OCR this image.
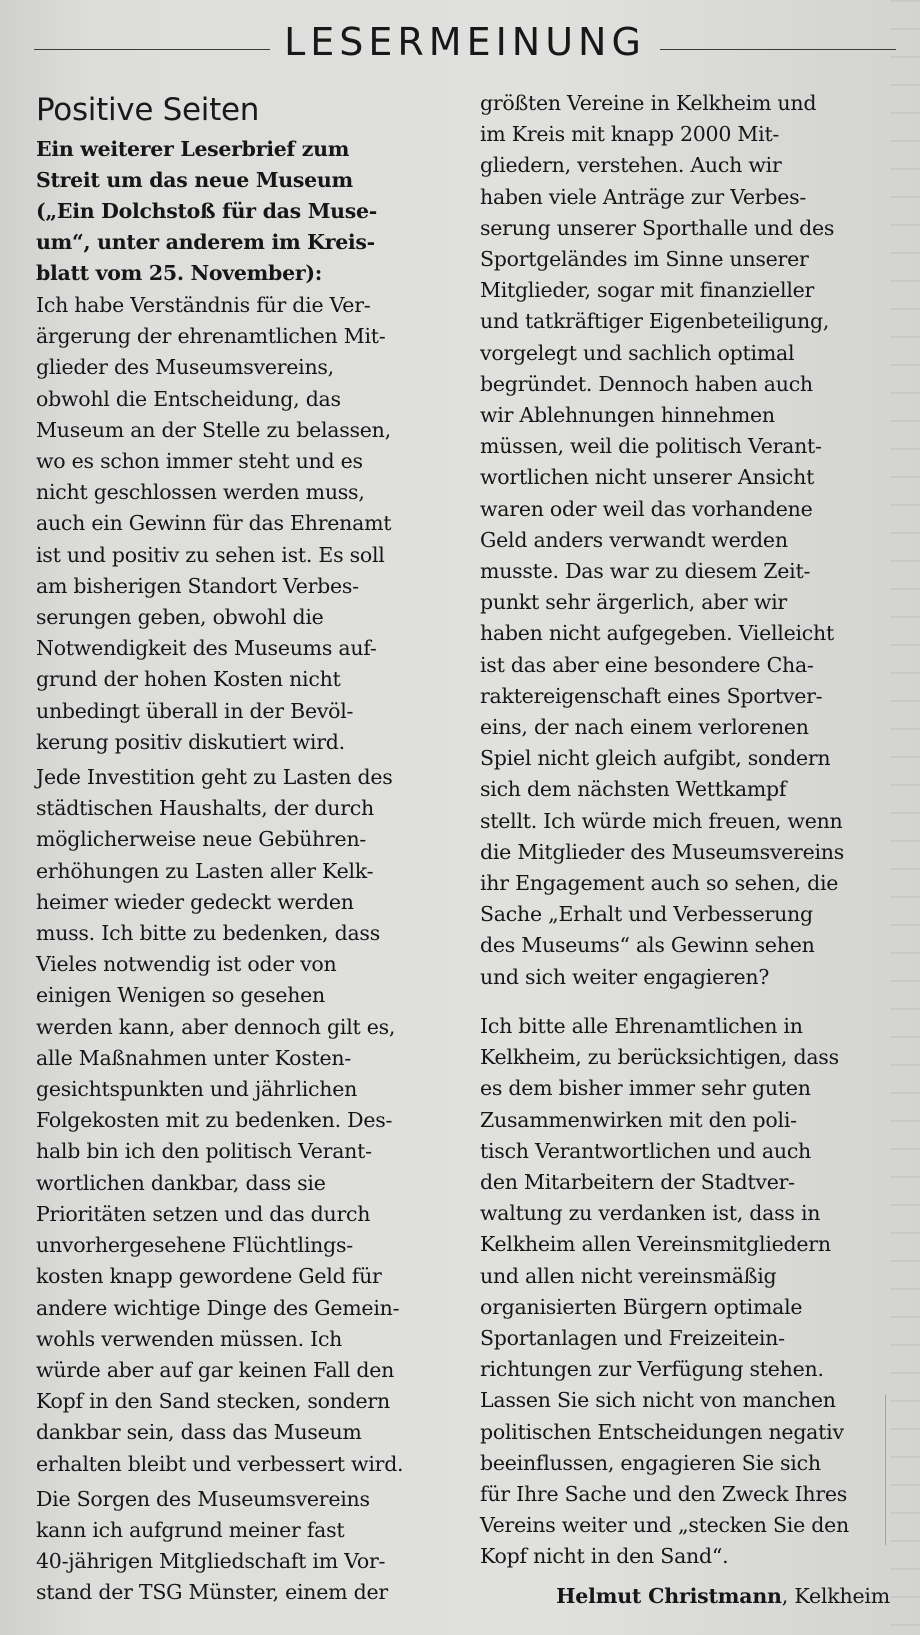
LESERMEINUNG
Positive Seiten

Ein weiterer Leserbrief zum
Streit um das neue Museum
(„Ein Dolchstoß für das Muse-
um“, unter anderem im Kreis-
blatt vom 25. November):

Ich habe Verständnis für die Ver-
ärgerung der ehrenamtlichen Mit-
glieder des Museumsvereins,
obwohl die Entscheidung, das
Museum an der Stelle zu belassen,
wo es schon immer steht und es
nicht geschlossen werden muss,
auch ein Gewinn für das Ehrenamt
ist und positiv zu sehen ist. Es soll
am bisherigen Standort Verbes-
serungen geben, obwohl die
Notwendigkeit des Museums auf-
grund der hohen Kosten nicht
unbedingt überall in der Bevöl-
kerung positiv diskutiert wird.

Jede Investition geht zu Lasten des
städtischen Haushalts, der durch
möglicherweise neue Gebühren-
erhöhungen zu Lasten aller Kelk-
heimer wieder gedeckt werden
muss. Ich bitte zu bedenken, dass
Vieles notwendig ist oder von
einigen Wenigen so gesehen
werden kann, aber dennoch gilt es,
alle Maßnahmen unter Kosten-
gesichtspunkten und jährlichen
Folgekosten mit zu bedenken. Des-
halb bin ich den politisch Verant-
wortlichen dankbar, dass sie
Prioritäten setzen und das durch
unvorhergesehene Flüchtlings-
kosten knapp gewordene Geld für
andere wichtige Dinge des Gemein-
wohls verwenden müssen. Ich
würde aber auf gar keinen Fall den
Kopf in den Sand stecken, sondern
dankbar sein, dass das Museum
erhalten bleibt und verbessert wird.

Die Sorgen des Museumsvereins
kann ich aufgrund meiner fast
40-jährigen Mitgliedschaft im Vor-
stand der TSG Münster, einem der

größten Vereine in Kelkheim und
im Kreis mit knapp 2000 Mit-
gliedern, verstehen. Auch wir
haben viele Anträge zur Verbes-
serung unserer Sporthalle und des
Sportgeländes im Sinne unserer
Mitglieder, sogar mit finanzieller
und tatkräftiger Eigenbeteiligung,
vorgelegt und sachlich optimal
begründet. Dennoch haben auch
wir Ablehnungen hinnehmen
müssen, weil die politisch Verant-
wortlichen nicht unserer Ansicht
waren oder weil das vorhandene
Geld anders verwandt werden
musste. Das war zu diesem Zeit-
punkt sehr ärgerlich, aber wir
haben nicht aufgegeben. Vielleicht
ist das aber eine besondere Cha-
raktereigenschaft eines Sportver-
eins, der nach einem verlorenen
Spiel nicht gleich aufgibt, sondern
sich dem nächsten Wettkampf
stellt. Ich würde mich freuen, wenn
die Mitglieder des Museumsvereins
ihr Engagement auch so sehen, die
Sache „Erhalt und Verbesserung
des Museums“ als Gewinn sehen
und sich weiter engagieren?

Ich bitte alle Ehrenamtlichen in
Kelkheim, zu berücksichtigen, dass
es dem bisher immer sehr guten
Zusammenwirken mit den poli-
tisch Verantwortlichen und auch
den Mitarbeitern der Stadtver-
waltung zu verdanken ist, dass in
Kelkheim allen Vereinsmitgliedern
und allen nicht vereinsmäßig
organisierten Bürgern optimale
Sportanlagen und Freizeitein-
richtungen zur Verfügung stehen.
Lassen Sie sich nicht von manchen
politischen Entscheidungen negativ
beeinflussen, engagieren Sie sich
für Ihre Sache und den Zweck Ihres
Vereins weiter und „stecken Sie den
Kopf nicht in den Sand“.

Helmut Christmann, Kelkheim
